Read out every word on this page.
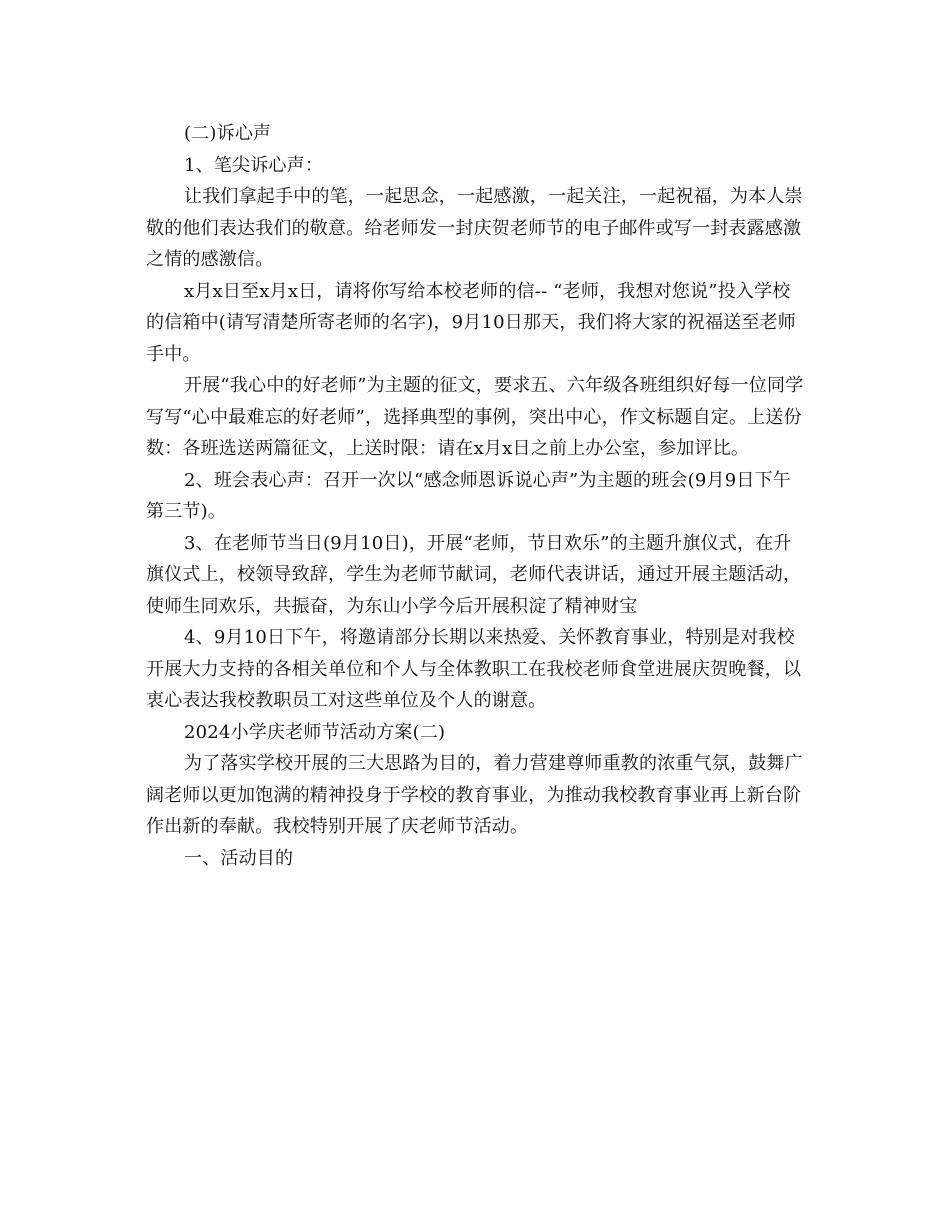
(二)诉心声

1、笔尖诉心声：

让我们拿起手中的笔，一起思念，一起感激，一起关注，一起祝福，为本人崇敬的他们表达我们的敬意。给老师发一封庆贺老师节的电子邮件或写一封表露感激之情的感激信。

x月x日至x月x日，请将你写给本校老师的信-- “老师，我想对您说”投入学校的信箱中(请写清楚所寄老师的名字)，9月10日那天，我们将大家的祝福送至老师手中。

开展“我心中的好老师”为主题的征文，要求五、六年级各班组织好每一位同学写写“心中最难忘的好老师”，选择典型的事例，突出中心，作文标题自定。上送份数：各班选送两篇征文，上送时限：请在x月x日之前上办公室，参加评比。

2、班会表心声：召开一次以“感念师恩诉说心声”为主题的班会(9月9日下午第三节)。

3、在老师节当日(9月10日)，开展“老师，节日欢乐”的主题升旗仪式，在升旗仪式上，校领导致辞，学生为老师节献词，老师代表讲话，通过开展主题活动，使师生同欢乐，共振奋，为东山小学今后开展积淀了精神财宝

4、9月10日下午，将邀请部分长期以来热爱、关怀教育事业，特别是对我校开展大力支持的各相关单位和个人与全体教职工在我校老师食堂进展庆贺晚餐，以衷心表达我校教职员工对这些单位及个人的谢意。

2024小学庆老师节活动方案(二)

为了落实学校开展的三大思路为目的，着力营建尊师重教的浓重气氛，鼓舞广阔老师以更加饱满的精神投身于学校的教育事业，为推动我校教育事业再上新台阶作出新的奉献。我校特别开展了庆老师节活动。

一、活动目的
